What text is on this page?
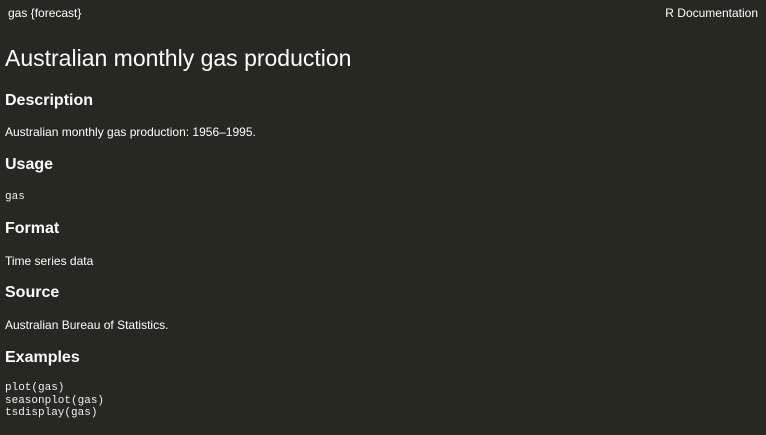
gas {forecast}	R Documentation
Australian monthly gas production
Description

Australian monthly gas production: 1956–1995.

Usage
gas
Format

Time series data

Source

Australian Bureau of Statistics.

Examples
plot(gas)
seasonplot(gas)
tsdisplay(gas)
